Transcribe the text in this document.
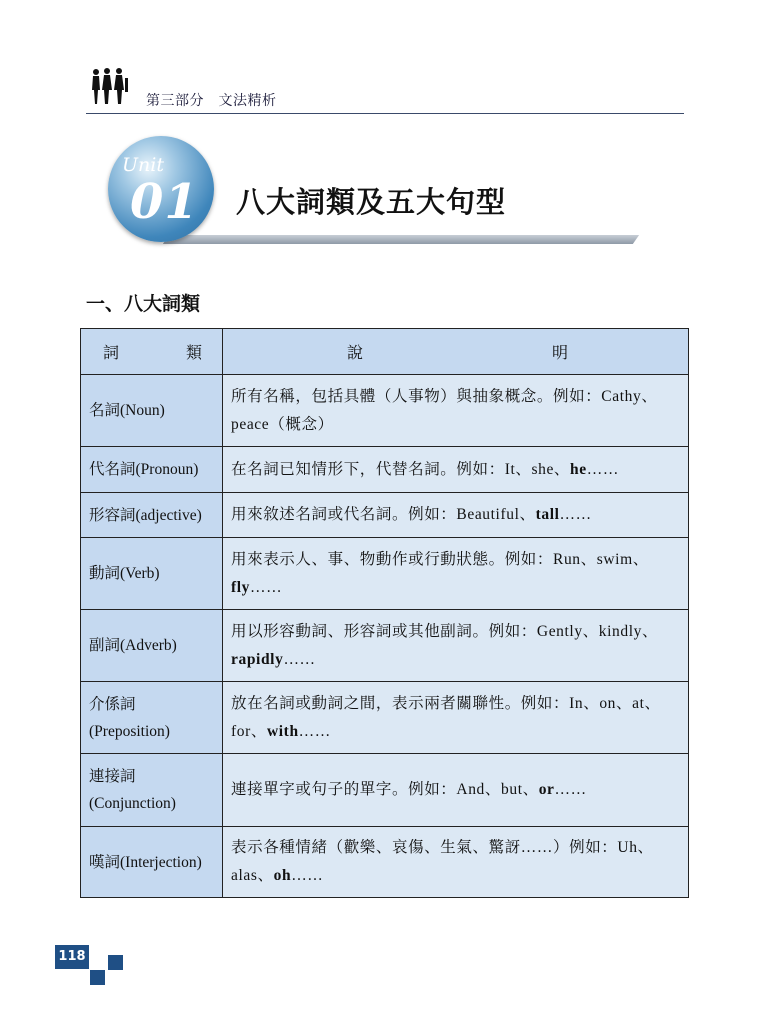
第三部分　文法精析
Unit
01 八大詞類及五大句型
一、八大詞類
詞 類	說 明

名詞(Noun)	所有名稱，包括具體（人事物）與抽象概念。例如：Cathy、peace（概念）
代名詞(Pronoun)	在名詞已知情形下，代替名詞。例如：It、she、he……
形容詞(adjective)	用來敘述名詞或代名詞。例如：Beautiful、tall……
動詞(Verb)	用來表示人、事、物動作或行動狀態。例如：Run、swim、fly……
副詞(Adverb)	用以形容動詞、形容詞或其他副詞。例如：Gently、kindly、rapidly……

介係詞
(Preposition)	放在名詞或動詞之間，表示兩者關聯性。例如：In、on、at、for、with……

連接詞
(Conjunction)	連接單字或句子的單字。例如：And、but、or……
嘆詞(Interjection)	表示各種情緒（歡樂、哀傷、生氣、驚訝……）例如：Uh、alas、oh……
118
